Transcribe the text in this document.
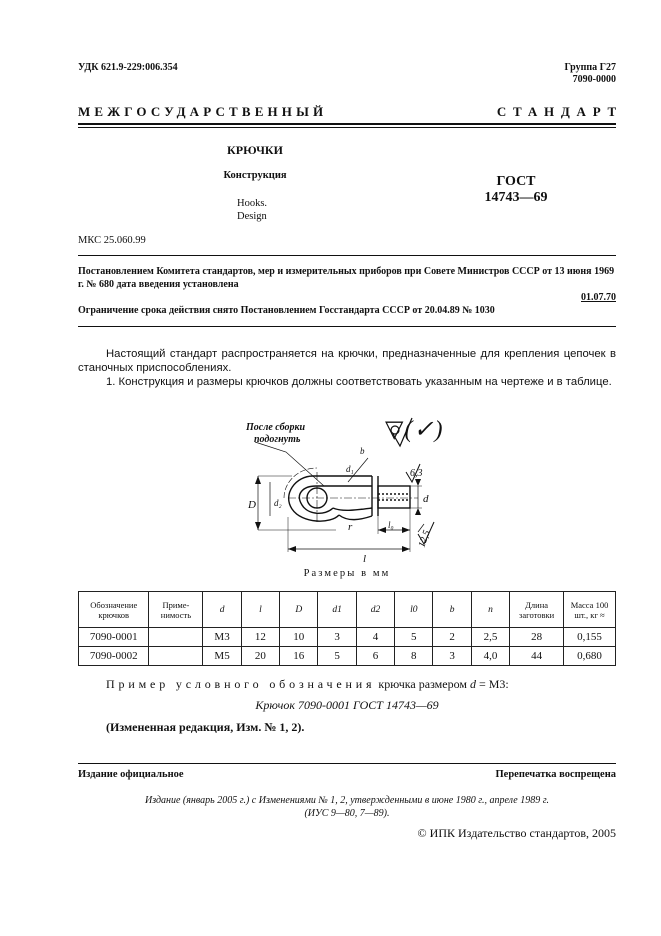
УДК 621.9-229:006.354	Группа Г27
7090-0000
МЕЖГОСУДАРСТВЕННЫЙ	СТАНДАРТ
КРЮЧКИ
Конструкция
Hooks.
Design
ГОСТ
14743—69
МКС 25.060.99
Постановлением Комитета стандартов, мер и измерительных приборов при Совете Министров СССР от 13 июня 1969 г. № 680 дата введения установлена
01.07.70
Ограничение срока действия снято Постановлением Госстандарта СССР от 20.04.89 № 1030

Настоящий стандарт распространяется на крючки, предназначенные для крепления цепочек в станочных приспособлениях.

1. Конструкция и размеры крючков должны соответствовать указанным на чертеже и в таблице.

После сборки
подогнуть
6,3
12,5
D d₂
d₁
d
l
l₀
r
b
▽(✓)
Размеры в мм
Обозначение крючков	Приме-нимость	d	l	D	d1	d2	l0	b	n	Длина заготовки	Масса 100 шт., кг ≈
7090-0001		M3	12	10	3	4	5	2	2,5	28	0,155
7090-0002		M5	20	16	5	6	8	3	4,0	44	0,680
Пример условного обозначения крючка размером d = M3:
Крючок 7090-0001 ГОСТ 14743—69
(Измененная редакция, Изм. № 1, 2).
Издание официальное	Перепечатка воспрещена
Издание (январь 2005 г.) с Изменениями № 1, 2, утвержденными в июне 1980 г., апреле 1989 г.
(ИУС 9—80, 7—89).
© ИПК Издательство стандартов, 2005
